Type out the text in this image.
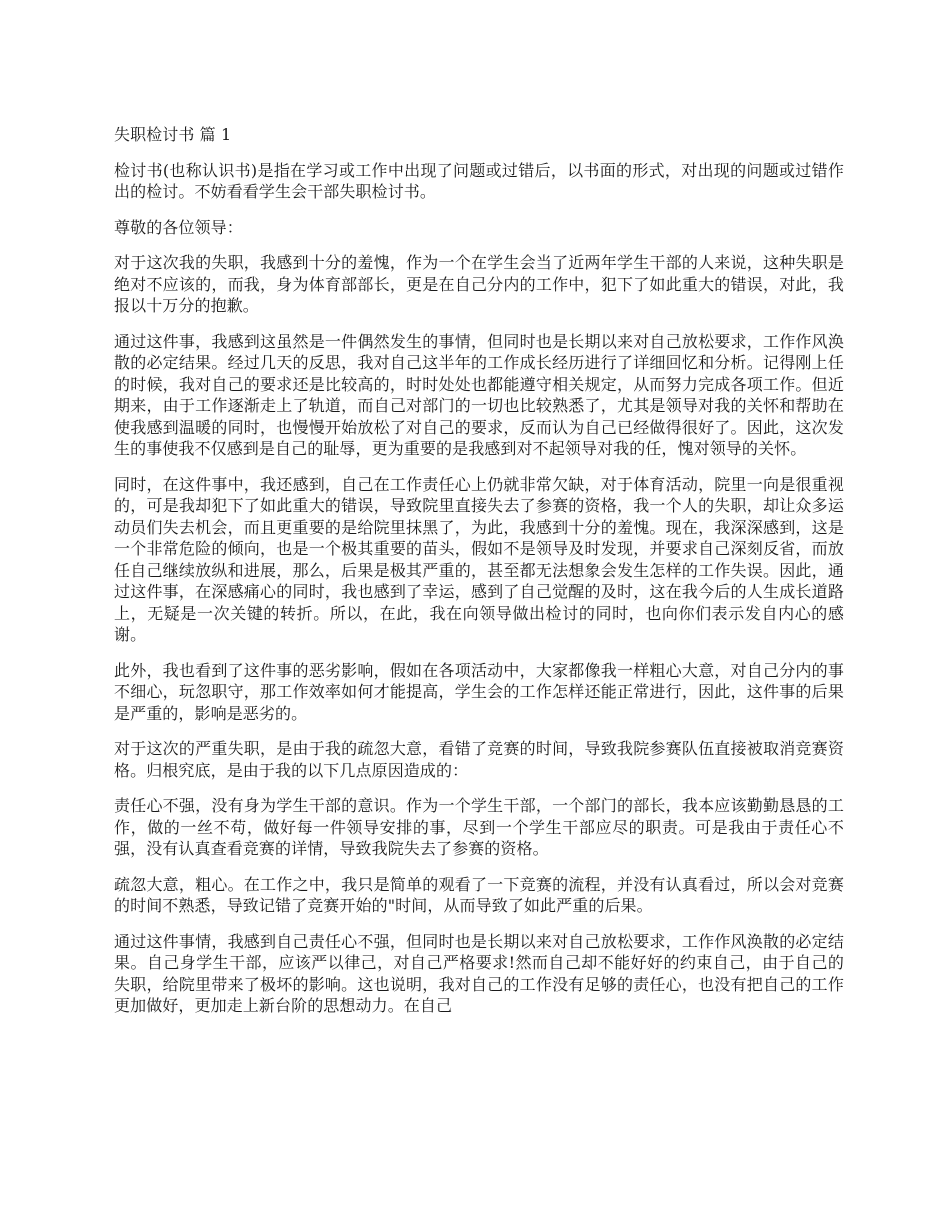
失职检讨书 篇 1

检讨书(也称认识书)是指在学习或工作中出现了问题或过错后，以书面的形式，对出现的问题或过错作出的检讨。不妨看看学生会干部失职检讨书。

尊敬的各位领导：

对于这次我的失职，我感到十分的羞愧，作为一个在学生会当了近两年学生干部的人来说，这种失职是绝对不应该的，而我，身为体育部部长，更是在自己分内的工作中，犯下了如此重大的错误，对此，我报以十万分的抱歉。

通过这件事，我感到这虽然是一件偶然发生的事情，但同时也是长期以来对自己放松要求，工作作风涣散的必定结果。经过几天的反思，我对自己这半年的工作成长经历进行了详细回忆和分析。记得刚上任的时候，我对自己的要求还是比较高的，时时处处也都能遵守相关规定，从而努力完成各项工作。但近期来，由于工作逐渐走上了轨道，而自己对部门的一切也比较熟悉了，尤其是领导对我的关怀和帮助在使我感到温暖的同时，也慢慢开始放松了对自己的要求，反而认为自己已经做得很好了。因此，这次发生的事使我不仅感到是自己的耻辱，更为重要的是我感到对不起领导对我的任，愧对领导的关怀。

同时，在这件事中，我还感到，自己在工作责任心上仍就非常欠缺，对于体育活动，院里一向是很重视的，可是我却犯下了如此重大的错误，导致院里直接失去了参赛的资格，我一个人的失职，却让众多运动员们失去机会，而且更重要的是给院里抹黑了，为此，我感到十分的羞愧。现在，我深深感到，这是一个非常危险的倾向，也是一个极其重要的苗头，假如不是领导及时发现，并要求自己深刻反省，而放任自己继续放纵和进展，那么，后果是极其严重的，甚至都无法想象会发生怎样的工作失误。因此，通过这件事，在深感痛心的同时，我也感到了幸运，感到了自己觉醒的及时，这在我今后的人生成长道路上，无疑是一次关键的转折。所以，在此，我在向领导做出检讨的同时，也向你们表示发自内心的感谢。

此外，我也看到了这件事的恶劣影响，假如在各项活动中，大家都像我一样粗心大意，对自己分内的事不细心，玩忽职守，那工作效率如何才能提高，学生会的工作怎样还能正常进行，因此，这件事的后果是严重的，影响是恶劣的。

对于这次的严重失职，是由于我的疏忽大意，看错了竞赛的时间，导致我院参赛队伍直接被取消竞赛资格。归根究底，是由于我的以下几点原因造成的：

责任心不强，没有身为学生干部的意识。作为一个学生干部，一个部门的部长，我本应该勤勤恳恳的工作，做的一丝不苟，做好每一件领导安排的事，尽到一个学生干部应尽的职责。可是我由于责任心不强，没有认真查看竞赛的详情，导致我院失去了参赛的资格。

疏忽大意，粗心。在工作之中，我只是简单的观看了一下竞赛的流程，并没有认真看过，所以会对竞赛的时间不熟悉，导致记错了竞赛开始的"时间，从而导致了如此严重的后果。

通过这件事情，我感到自己责任心不强，但同时也是长期以来对自己放松要求，工作作风涣散的必定结果。自己身学生干部，应该严以律己，对自己严格要求!然而自己却不能好好的约束自己，由于自己的失职，给院里带来了极坏的影响。这也说明，我对自己的工作没有足够的责任心，也没有把自己的工作更加做好，更加走上新台阶的思想动力。在自己
